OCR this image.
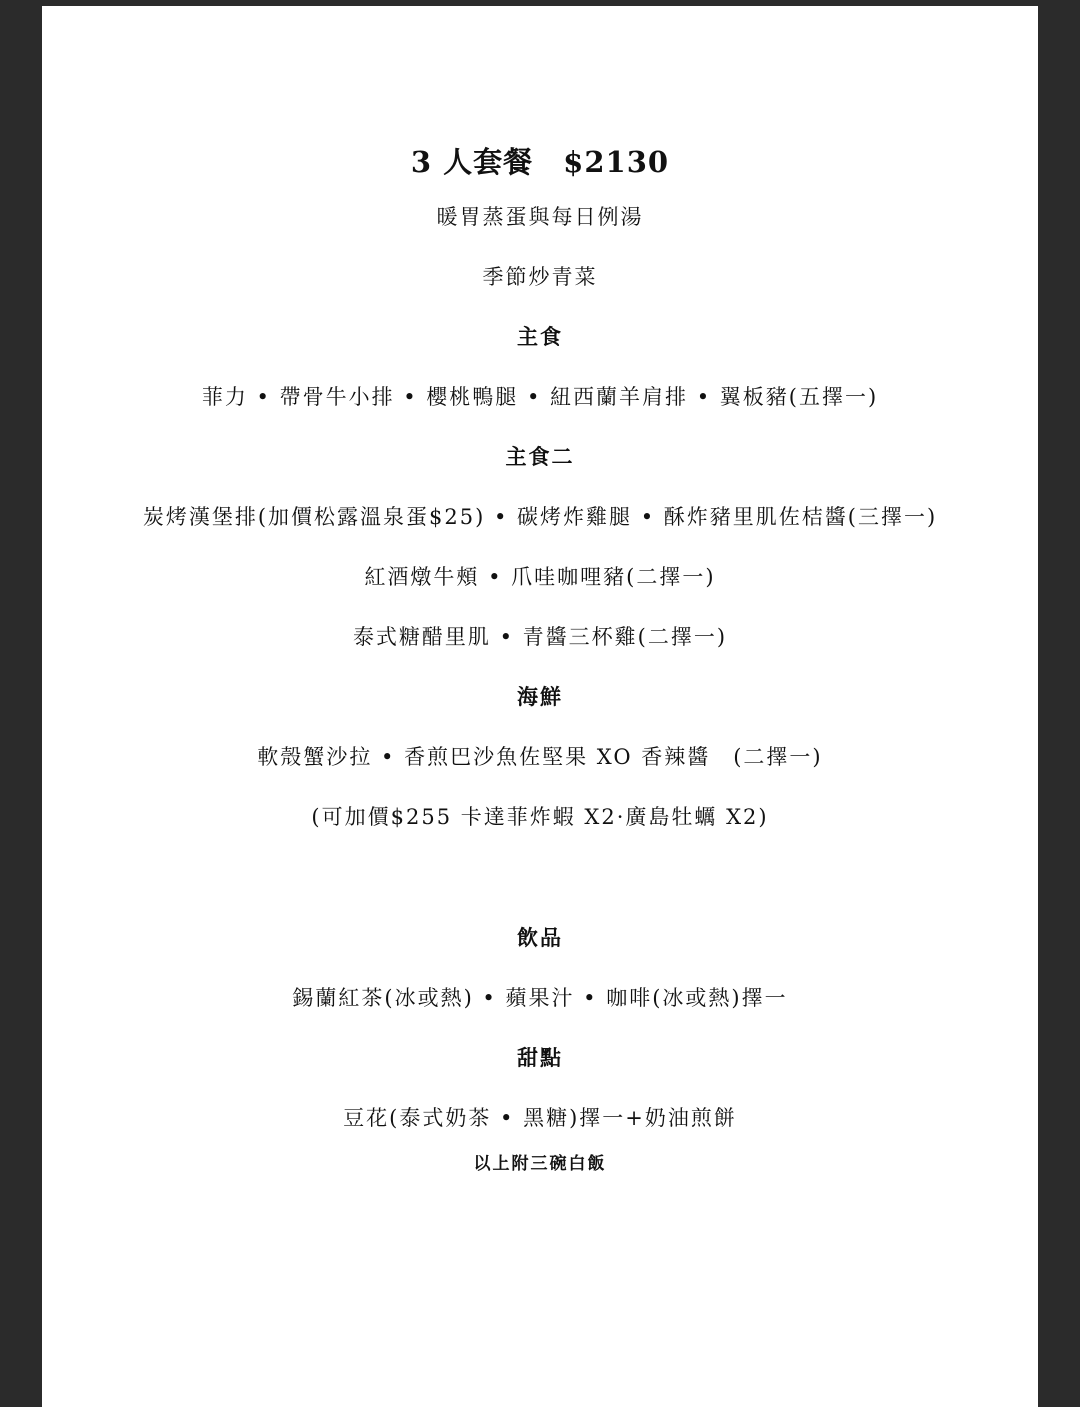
3 人套餐　$2130
暖胃蒸蛋與每日例湯
季節炒青菜
主食
菲力 • 帶骨牛小排 • 櫻桃鴨腿 • 紐西蘭羊肩排 • 翼板豬(五擇一)
主食二
炭烤漢堡排(加價松露溫泉蛋$25) • 碳烤炸雞腿 • 酥炸豬里肌佐桔醬(三擇一)
紅酒燉牛頰 • 爪哇咖哩豬(二擇一)
泰式糖醋里肌 • 青醬三杯雞(二擇一)
海鮮
軟殼蟹沙拉 • 香煎巴沙魚佐堅果 XO 香辣醬　(二擇一)
(可加價$255 卡達菲炸蝦 X2·廣島牡蠣 X2)
飲品
錫蘭紅茶(冰或熱) • 蘋果汁 • 咖啡(冰或熱)擇一
甜點
豆花(泰式奶茶 • 黑糖)擇一+奶油煎餅
以上附三碗白飯
